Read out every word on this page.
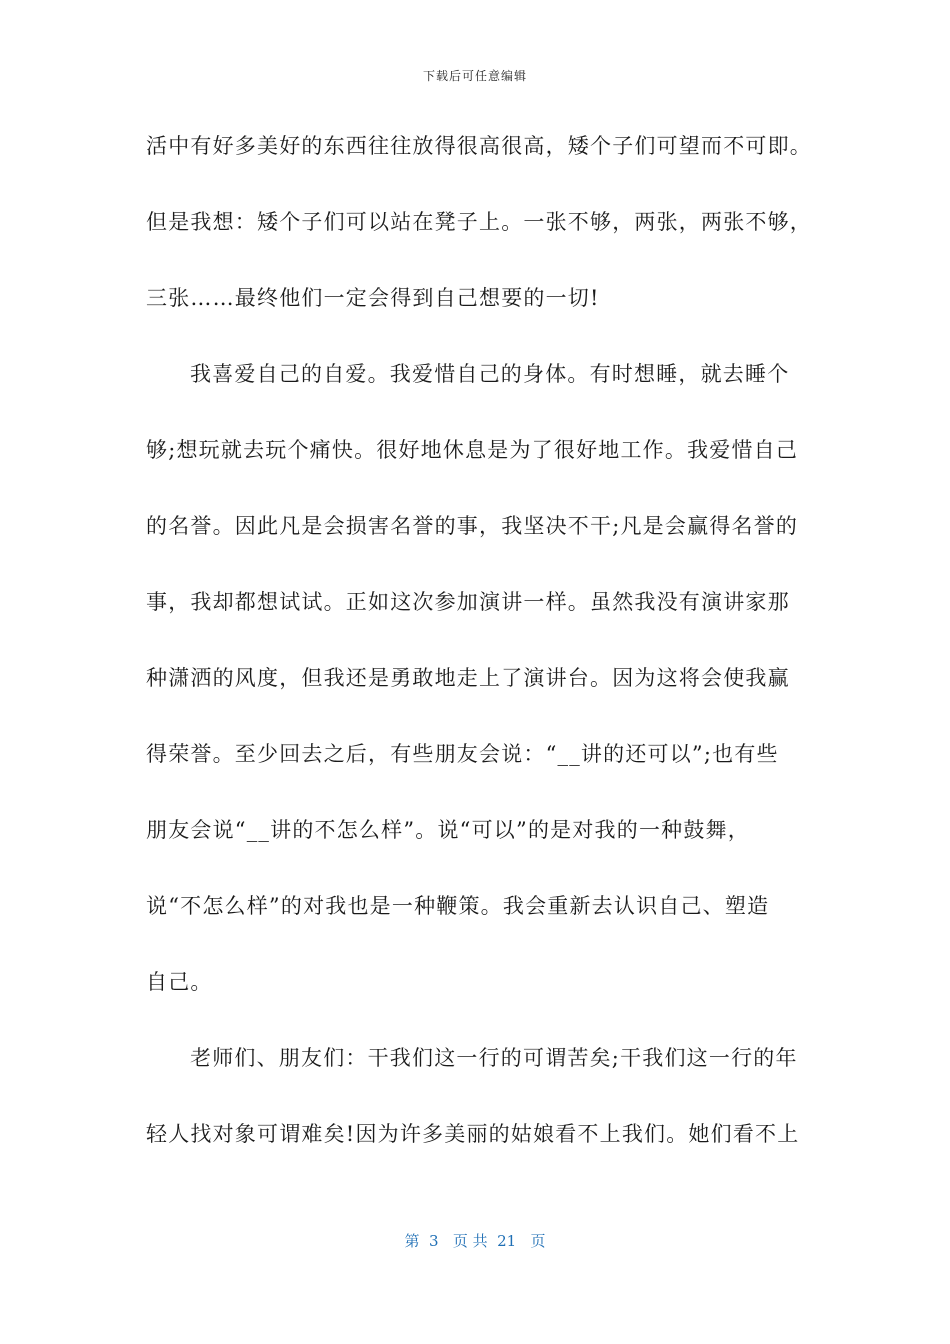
下载后可任意编辑
活中有好多美好的东西往往放得很高很高，矮个子们可望而不可即。
但是我想：矮个子们可以站在凳子上。一张不够，两张，两张不够，
三张……最终他们一定会得到自己想要的一切!
我喜爱自己的自爱。我爱惜自己的身体。有时想睡，就去睡个
够;想玩就去玩个痛快。很好地休息是为了很好地工作。我爱惜自己
的名誉。因此凡是会损害名誉的事，我坚决不干;凡是会赢得名誉的
事，我却都想试试。正如这次参加演讲一样。虽然我没有演讲家那
种潇洒的风度，但我还是勇敢地走上了演讲台。因为这将会使我赢
得荣誉。至少回去之后，有些朋友会说：“__讲的还可以”;也有些
朋友会说“__讲的不怎么样”。说“可以”的是对我的一种鼓舞，
说“不怎么样”的对我也是一种鞭策。我会重新去认识自己、塑造
自己。
老师们、朋友们：干我们这一行的可谓苦矣;干我们这一行的年
轻人找对象可谓难矣!因为许多美丽的姑娘看不上我们。她们看不上
第  3   页 共  21   页
